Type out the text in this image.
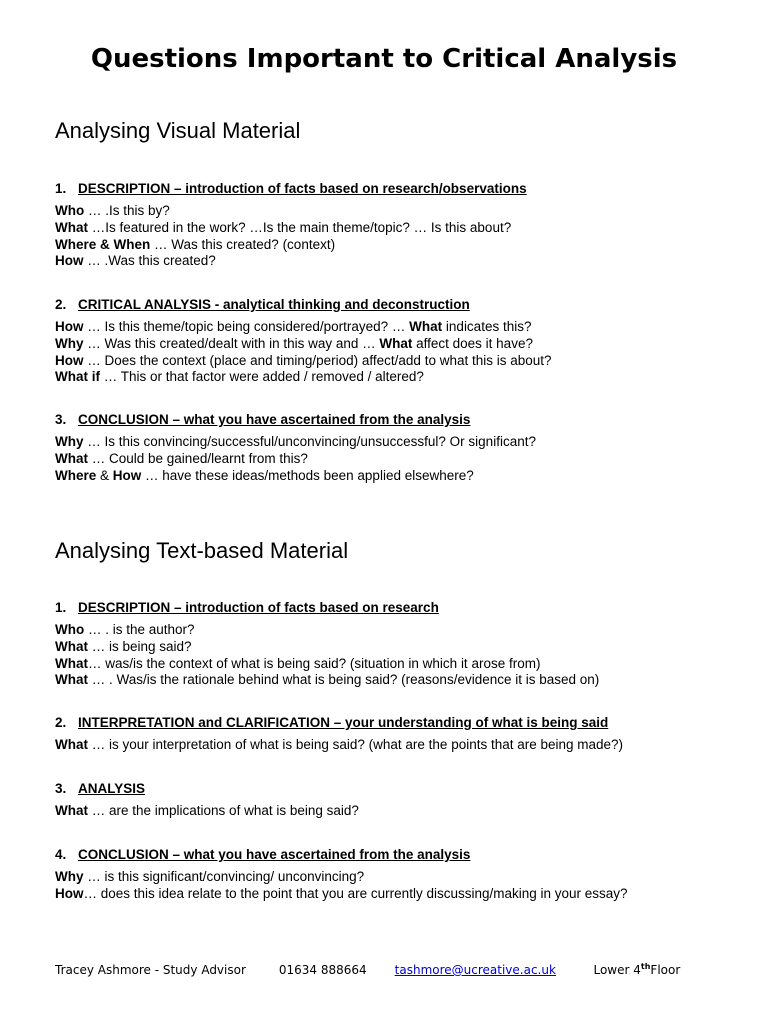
Questions Important to Critical Analysis
Analysing Visual Material

1. DESCRIPTION – introduction of facts based on research/observations

Who … .Is this by?

What …Is featured in the work? …Is the main theme/topic? … Is this about?

Where & When … Was this created? (context)

How … .Was this created?

2. CRITICAL ANALYSIS - analytical thinking and deconstruction

How … Is this theme/topic being considered/portrayed? … What indicates this?

Why … Was this created/dealt with in this way and … What affect does it have?

How … Does the context (place and timing/period) affect/add to what this is about?

What if … This or that factor were added / removed / altered?

3. CONCLUSION – what you have ascertained from the analysis

Why … Is this convincing/successful/unconvincing/unsuccessful? Or significant?

What … Could be gained/learnt from this?

Where & How … have these ideas/methods been applied elsewhere?

Analysing Text-based Material

1. DESCRIPTION – introduction of facts based on research

Who … . is the author?

What … is being said?

What… was/is the context of what is being said? (situation in which it arose from)

What … . Was/is the rationale behind what is being said? (reasons/evidence it is based on)

2. INTERPRETATION and CLARIFICATION – your understanding of what is being said

What … is your interpretation of what is being said? (what are the points that are being made?)

3. ANALYSIS

What … are the implications of what is being said?

4. CONCLUSION – what you have ascertained from the analysis

Why … is this significant/convincing/ unconvincing?

How… does this idea relate to the point that you are currently discussing/making in your essay?

Tracey Ashmore - Study Advisor	01634 888664 tashmore@ucreative.ac.uk	Lower 4thFloor
